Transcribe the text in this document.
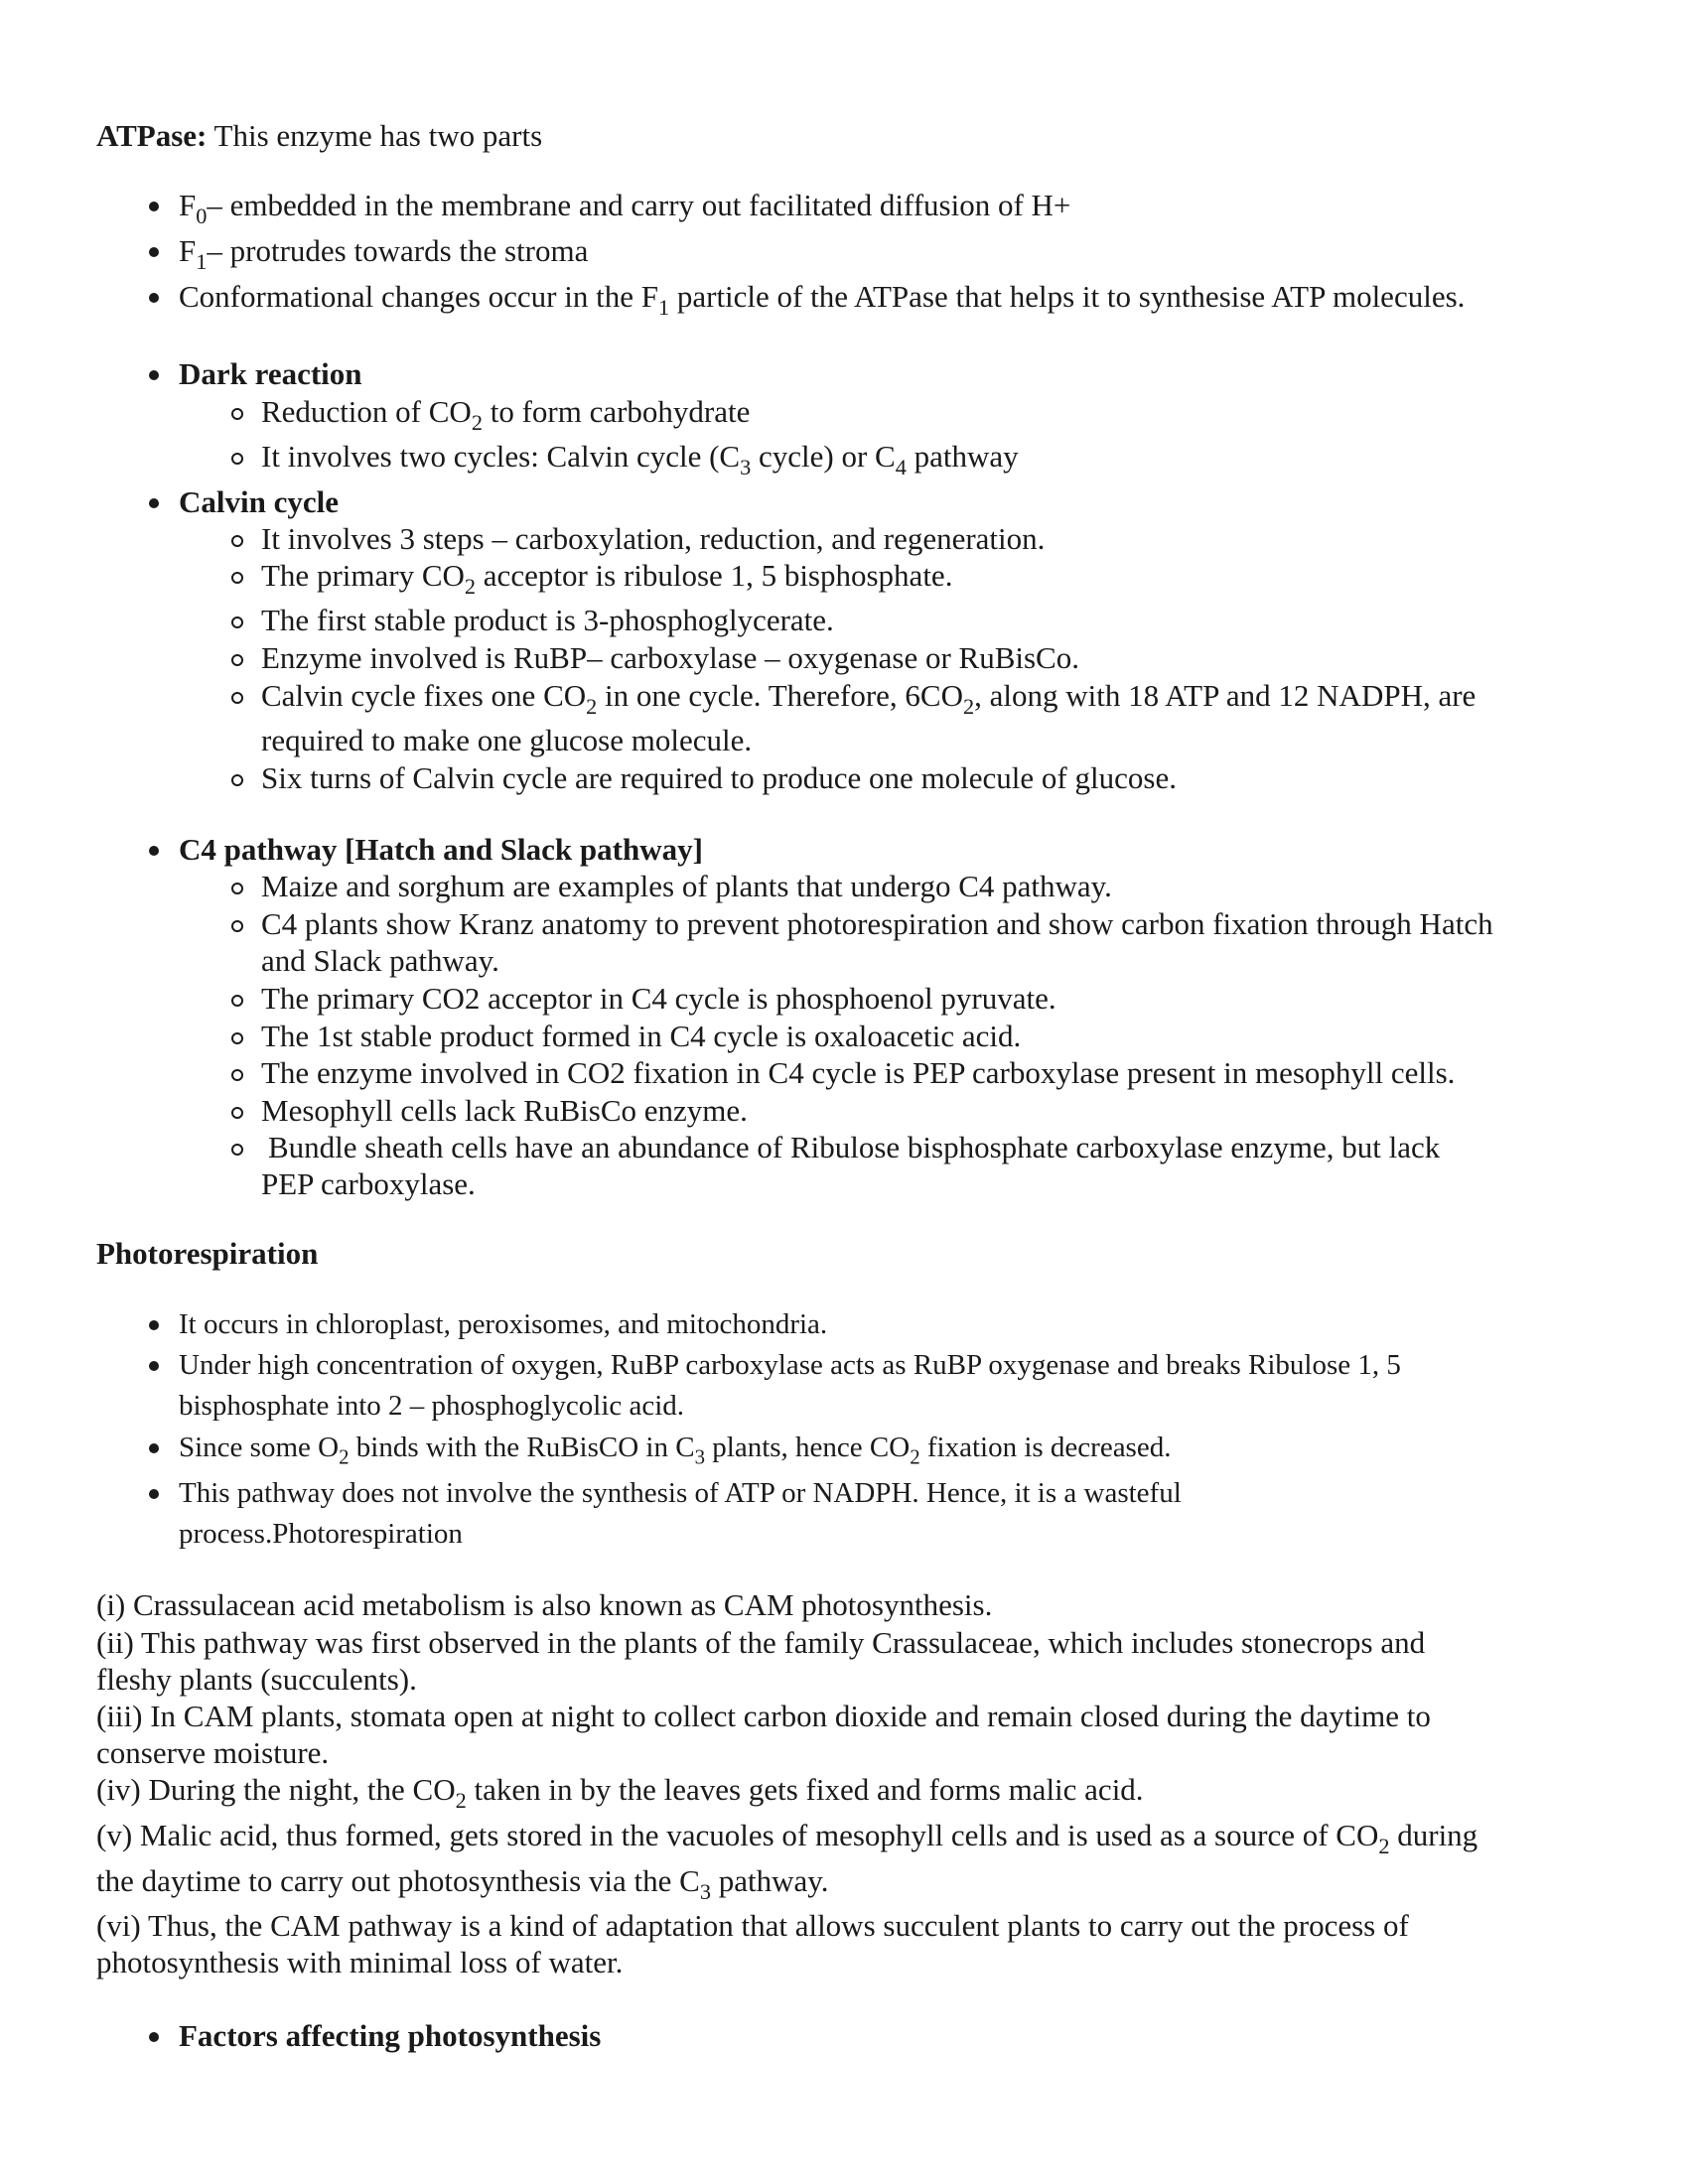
ATPase: This enzyme has two parts
$F_0-$ embedded in the membrane and carry out facilitated diffusion of H+
$F_1-$ protrudes towards the stroma
Conformational changes occur in the $F_1$ particle of the ATPase that helps it to synthesise ATP molecules.
Dark reaction
Reduction of $CO_2$ to form carbohydrate
It involves two cycles: Calvin cycle ($C_3$ cycle) or $C_4$ pathway
Calvin cycle
It involves 3 steps – carboxylation, reduction, and regeneration.
The primary $CO_2$ acceptor is ribulose 1, 5 bisphosphate.
The first stable product is 3-phosphoglycerate.
Enzyme involved is RuBP– carboxylase – oxygenase or RuBisCo.
Calvin cycle fixes one $CO_2$ in one cycle. Therefore, $6CO_2$, along with 18 ATP and 12 NADPH, are
required to make one glucose molecule.
Six turns of Calvin cycle are required to produce one molecule of glucose.
C4 pathway [Hatch and Slack pathway]
Maize and sorghum are examples of plants that undergo C4 pathway.
C4 plants show Kranz anatomy to prevent photorespiration and show carbon fixation through Hatch
and Slack pathway.
The primary CO2 acceptor in C4 cycle is phosphoenol pyruvate.
The 1st stable product formed in C4 cycle is oxaloacetic acid.
The enzyme involved in CO2 fixation in C4 cycle is PEP carboxylase present in mesophyll cells.
Mesophyll cells lack RuBisCo enzyme.
Bundle sheath cells have an abundance of Ribulose bisphosphate carboxylase enzyme, but lack
PEP carboxylase.
Photorespiration
It occurs in chloroplast, peroxisomes, and mitochondria.
Under high concentration of oxygen, RuBP carboxylase acts as RuBP oxygenase and breaks Ribulose 1, 5
bisphosphate into 2 – phosphoglycolic acid.
Since some $O_2$ binds with the RuBisCO in $C_3$ plants, hence $CO_2$ fixation is decreased.
This pathway does not involve the synthesis of ATP or NADPH. Hence, it is a wasteful
process.Photorespiration
(i) Crassulacean acid metabolism is also known as CAM photosynthesis.
(ii) This pathway was first observed in the plants of the family Crassulaceae, which includes stonecrops and
fleshy plants (succulents).
(iii) In CAM plants, stomata open at night to collect carbon dioxide and remain closed during the daytime to
conserve moisture.
(iv) During the night, the $CO_2$ taken in by the leaves gets fixed and forms malic acid.
(v) Malic acid, thus formed, gets stored in the vacuoles of mesophyll cells and is used as a source of $CO_2$ during
the daytime to carry out photosynthesis via the $C_3$ pathway.
(vi) Thus, the CAM pathway is a kind of adaptation that allows succulent plants to carry out the process of
photosynthesis with minimal loss of water.
Factors affecting photosynthesis
